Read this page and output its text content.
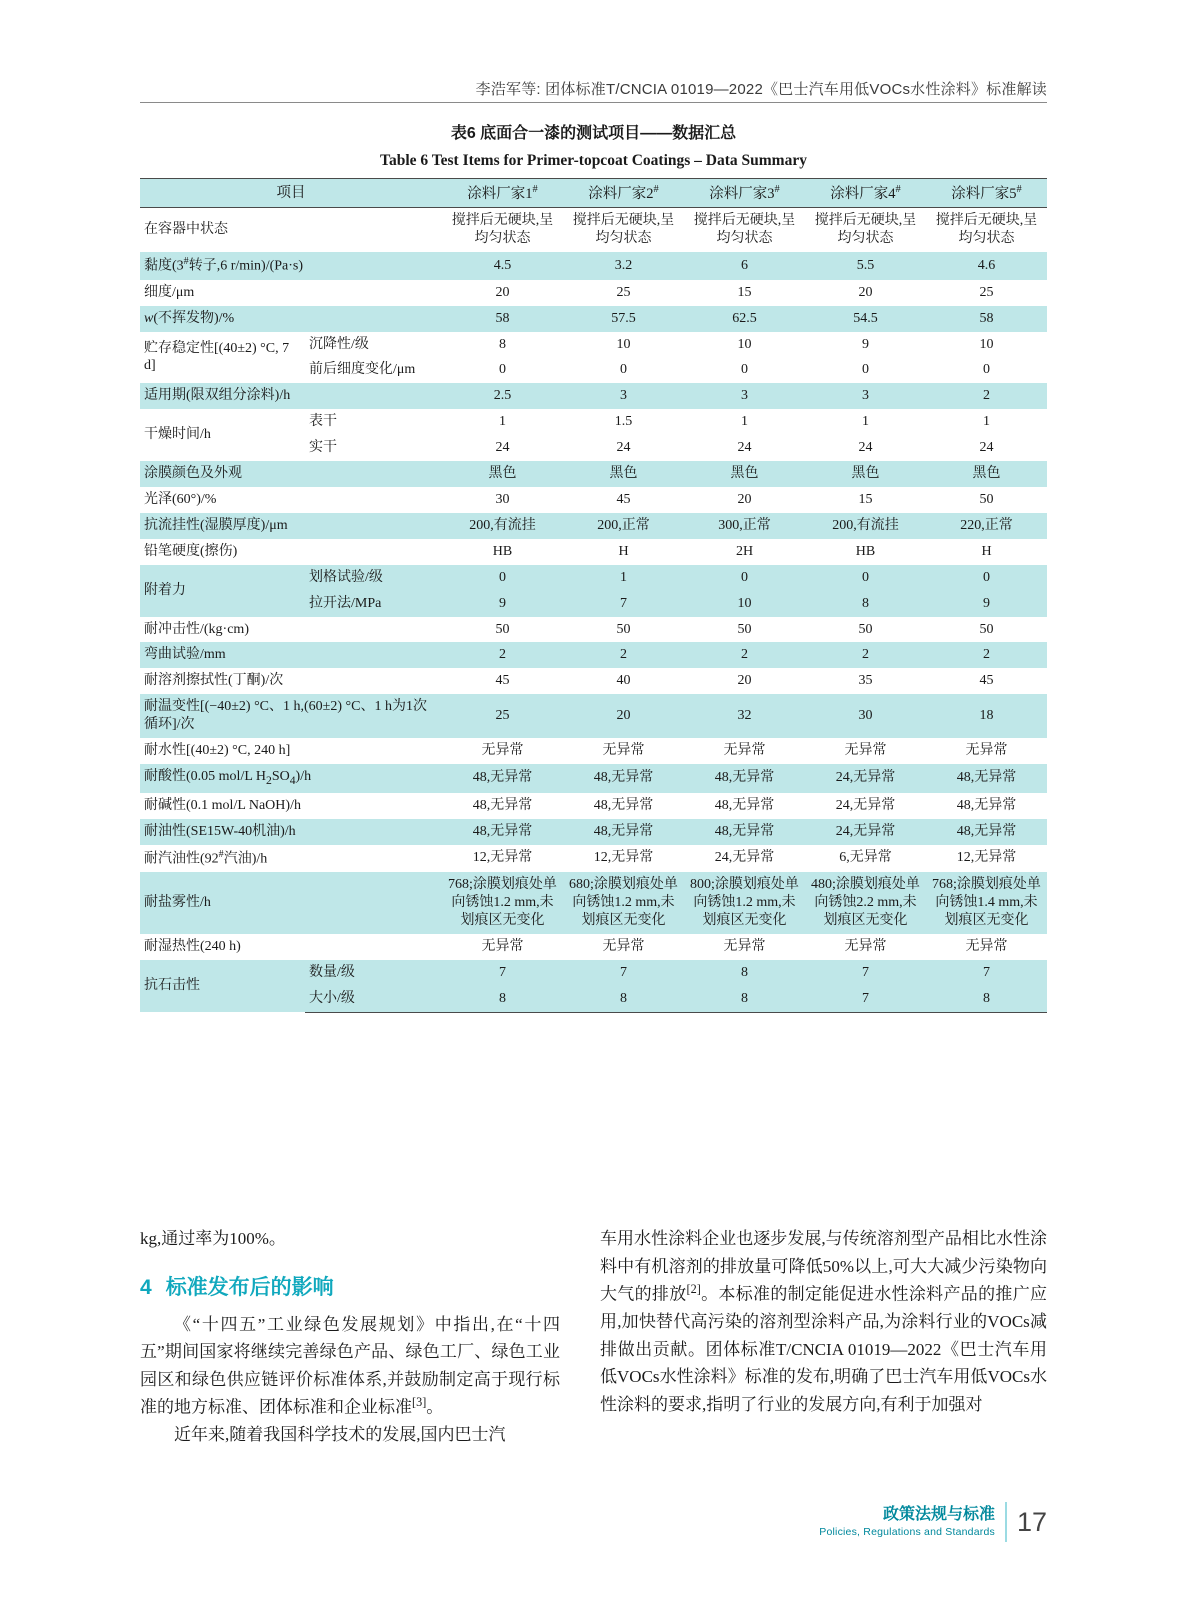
李浩军等: 团体标准T/CNCIA 01019—2022《巴士汽车用低VOCs水性涂料》标准解读
表6 底面合一漆的测试项目——数据汇总
Table 6 Test Items for Primer-topcoat Coatings – Data Summary
项目		涂料厂家1#	涂料厂家2#	涂料厂家3#	涂料厂家4#	涂料厂家5#
在容器中状态		搅拌后无硬块,呈均匀状态	搅拌后无硬块,呈均匀状态	搅拌后无硬块,呈均匀状态	搅拌后无硬块,呈均匀状态	搅拌后无硬块,呈均匀状态
黏度(3#转子,6 r/min)/(Pa·s)		4.5	3.2	6	5.5	4.6
细度/μm		20	25	15	20	25
w(不挥发物)/%		58	57.5	62.5	54.5	58
贮存稳定性[(40±2) °C, 7 d]	沉降性/级	8	10	10	9	10
	前后细度变化/μm	0	0	0	0	0
适用期(限双组分涂料)/h		2.5	3	3	3	2
干燥时间/h	表干	1	1.5	1	1	1
	实干	24	24	24	24	24
涂膜颜色及外观		黑色	黑色	黑色	黑色	黑色
光泽(60°)/%		30	45	20	15	50
抗流挂性(湿膜厚度)/μm		200,有流挂	200,正常	300,正常	200,有流挂	220,正常
铅笔硬度(擦伤)		HB	H	2H	HB	H
附着力	划格试验/级	0	1	0	0	0
	拉开法/MPa	9	7	10	8	9
耐冲击性/(kg·cm)		50	50	50	50	50
弯曲试验/mm		2	2	2	2	2
耐溶剂擦拭性(丁酮)/次		45	40	20	35	45
耐温变性[(−40±2) °C、1 h,(60±2) °C、1 h为1次循环]/次		25	20	32	30	18
耐水性[(40±2) °C, 240 h]		无异常	无异常	无异常	无异常	无异常
耐酸性(0.05 mol/L $H_2SO_4)/h$		48,无异常	48,无异常	48,无异常	24,无异常	48,无异常
耐碱性(0.1 mol/L NaOH)/h		48,无异常	48,无异常	48,无异常	24,无异常	48,无异常
耐油性(SE15W-40机油)/h		48,无异常	48,无异常	48,无异常	24,无异常	48,无异常
耐汽油性(92#汽油)/h		12,无异常	12,无异常	24,无异常	6,无异常	12,无异常
耐盐雾性/h		768;涂膜划痕处单向锈蚀1.2 mm,未划痕区无变化	680;涂膜划痕处单向锈蚀1.2 mm,未划痕区无变化	800;涂膜划痕处单向锈蚀1.2 mm,未划痕区无变化	480;涂膜划痕处单向锈蚀2.2 mm,未划痕区无变化	768;涂膜划痕处单向锈蚀1.4 mm,未划痕区无变化
耐湿热性(240 h)		无异常	无异常	无异常	无异常	无异常
抗石击性	数量/级	7	7	8	7	7
	大小/级	8	8	8	7	8

kg,通过率为100%。

4 标准发布后的影响

《“十四五”工业绿色发展规划》中指出,在“十四五”期间国家将继续完善绿色产品、绿色工厂、绿色工业园区和绿色供应链评价标准体系,并鼓励制定高于现行标准的地方标准、团体标准和企业标准[3]。

近年来,随着我国科学技术的发展,国内巴士汽

车用水性涂料企业也逐步发展,与传统溶剂型产品相比水性涂料中有机溶剂的排放量可降低50%以上,可大大减少污染物向大气的排放[2]。本标准的制定能促进水性涂料产品的推广应用,加快替代高污染的溶剂型涂料产品,为涂料行业的VOCs减排做出贡献。团体标准T/CNCIA 01019—2022《巴士汽车用低VOCs水性涂料》标准的发布,明确了巴士汽车用低VOCs水性涂料的要求,指明了行业的发展方向,有利于加强对

政策法规与标准
Policies, Regulations and Standards 17
